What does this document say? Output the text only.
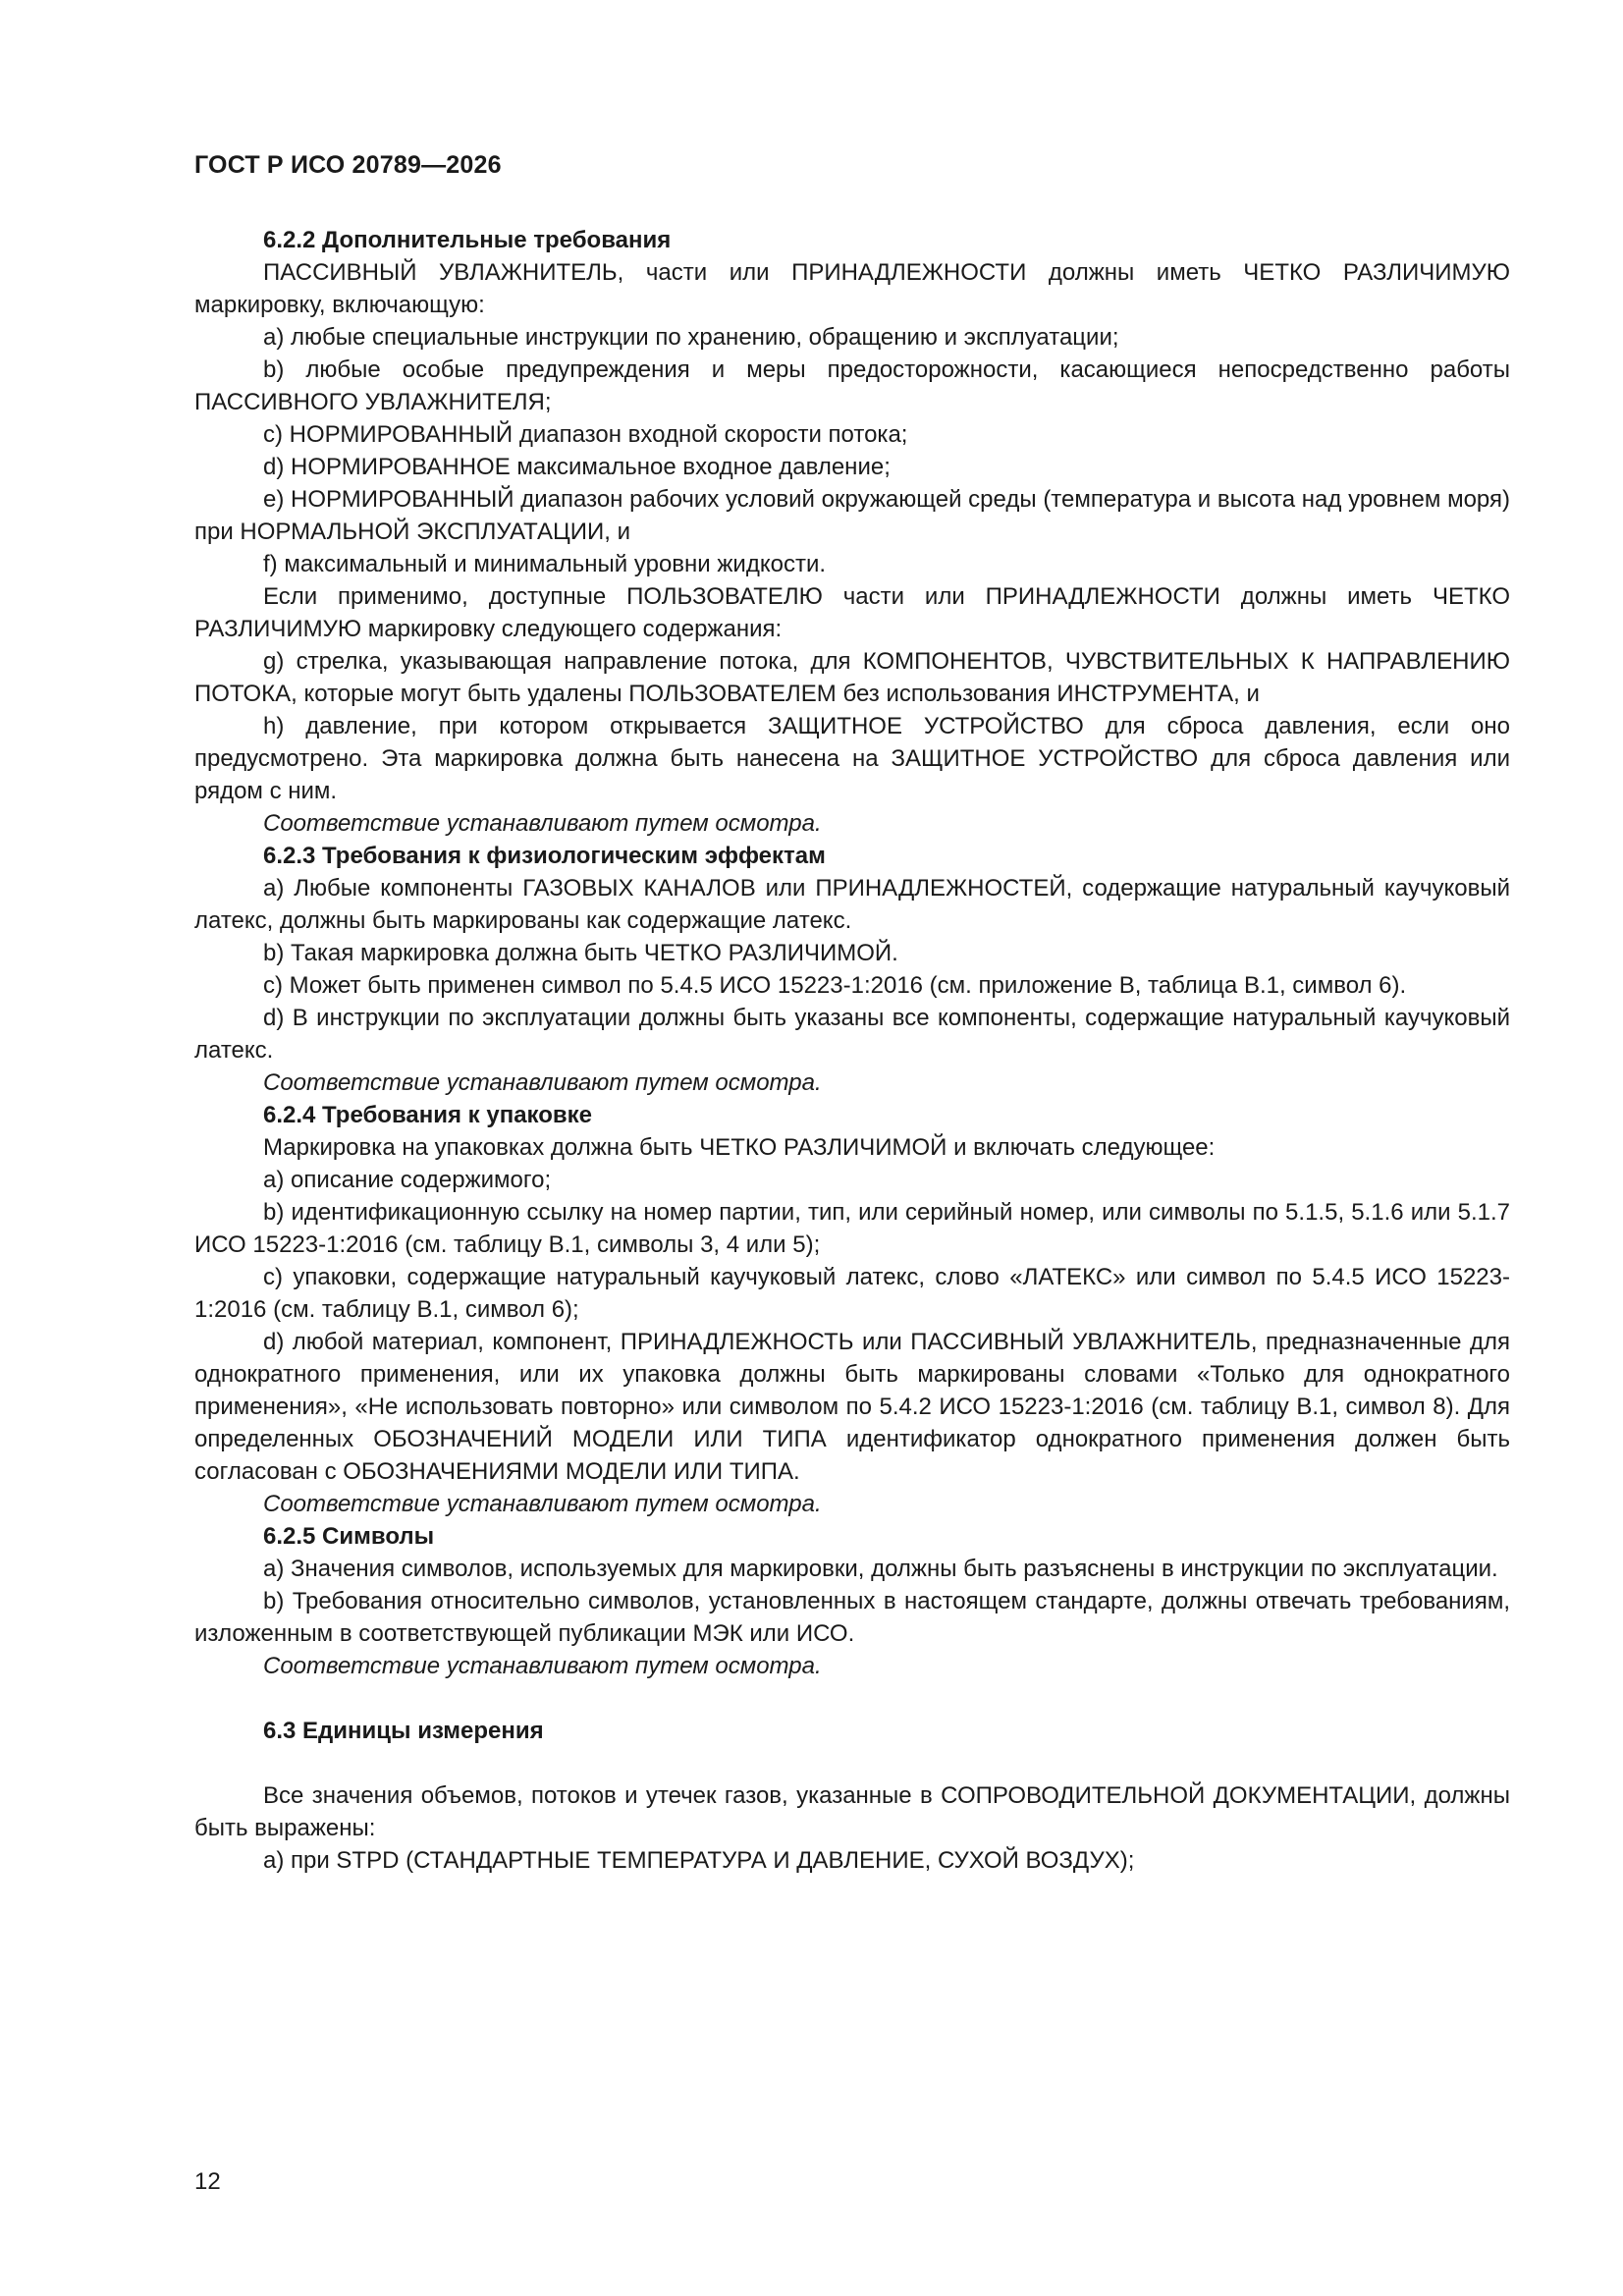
ГОСТ Р ИСО 20789—2026
6.2.2 Дополнительные требования

ПАССИВНЫЙ УВЛАЖНИТЕЛЬ, части или ПРИНАДЛЕЖНОСТИ должны иметь ЧЕТКО РАЗЛИЧИМУЮ маркировку, включающую:

a) любые специальные инструкции по хранению, обращению и эксплуатации;

b) любые особые предупреждения и меры предосторожности, касающиеся непосредственно работы ПАССИВНОГО УВЛАЖНИТЕЛЯ;

c) НОРМИРОВАННЫЙ диапазон входной скорости потока;

d) НОРМИРОВАННОЕ максимальное входное давление;

e) НОРМИРОВАННЫЙ диапазон рабочих условий окружающей среды (температура и высота над уровнем моря) при НОРМАЛЬНОЙ ЭКСПЛУАТАЦИИ, и

f) максимальный и минимальный уровни жидкости.

Если применимо, доступные ПОЛЬЗОВАТЕЛЮ части или ПРИНАДЛЕЖНОСТИ должны иметь ЧЕТКО РАЗЛИЧИМУЮ маркировку следующего содержания:

g) стрелка, указывающая направление потока, для КОМПОНЕНТОВ, ЧУВСТВИТЕЛЬНЫХ К НАПРАВЛЕНИЮ ПОТОКА, которые могут быть удалены ПОЛЬЗОВАТЕЛЕМ без использования ИНСТРУМЕНТА, и

h) давление, при котором открывается ЗАЩИТНОЕ УСТРОЙСТВО для сброса давления, если оно предусмотрено. Эта маркировка должна быть нанесена на ЗАЩИТНОЕ УСТРОЙСТВО для сброса давления или рядом с ним.

Соответствие устанавливают путем осмотра.

6.2.3 Требования к физиологическим эффектам

a) Любые компоненты ГАЗОВЫХ КАНАЛОВ или ПРИНАДЛЕЖНОСТЕЙ, содержащие натуральный каучуковый латекс, должны быть маркированы как содержащие латекс.

b) Такая маркировка должна быть ЧЕТКО РАЗЛИЧИМОЙ.

c) Может быть применен символ по 5.4.5 ИСО 15223-1:2016 (см. приложение В, таблица В.1, символ 6).

d) В инструкции по эксплуатации должны быть указаны все компоненты, содержащие натуральный каучуковый латекс.

Соответствие устанавливают путем осмотра.

6.2.4 Требования к упаковке

Маркировка на упаковках должна быть ЧЕТКО РАЗЛИЧИМОЙ и включать следующее:

a) описание содержимого;

b) идентификационную ссылку на номер партии, тип, или серийный номер, или символы по 5.1.5, 5.1.6 или 5.1.7 ИСО 15223-1:2016 (см. таблицу В.1, символы 3, 4 или 5);

c) упаковки, содержащие натуральный каучуковый латекс, слово «ЛАТЕКС» или символ по 5.4.5 ИСО 15223-1:2016 (см. таблицу В.1, символ 6);

d) любой материал, компонент, ПРИНАДЛЕЖНОСТЬ или ПАССИВНЫЙ УВЛАЖНИТЕЛЬ, предназначенные для однократного применения, или их упаковка должны быть маркированы словами «Только для однократного применения», «Не использовать повторно» или символом по 5.4.2 ИСО 15223-1:2016 (см. таблицу В.1, символ 8). Для определенных ОБОЗНАЧЕНИЙ МОДЕЛИ ИЛИ ТИПА идентификатор однократного применения должен быть согласован с ОБОЗНАЧЕНИЯМИ МОДЕЛИ ИЛИ ТИПА.

Соответствие устанавливают путем осмотра.

6.2.5 Символы

a) Значения символов, используемых для маркировки, должны быть разъяснены в инструкции по эксплуатации.

b) Требования относительно символов, установленных в настоящем стандарте, должны отвечать требованиям, изложенным в соответствующей публикации МЭК или ИСО.

Соответствие устанавливают путем осмотра.

6.3 Единицы измерения

Все значения объемов, потоков и утечек газов, указанные в СОПРОВОДИТЕЛЬНОЙ ДОКУМЕНТАЦИИ, должны быть выражены:

a) при STPD (СТАНДАРТНЫЕ ТЕМПЕРАТУРА И ДАВЛЕНИЕ, СУХОЙ ВОЗДУХ);

12
